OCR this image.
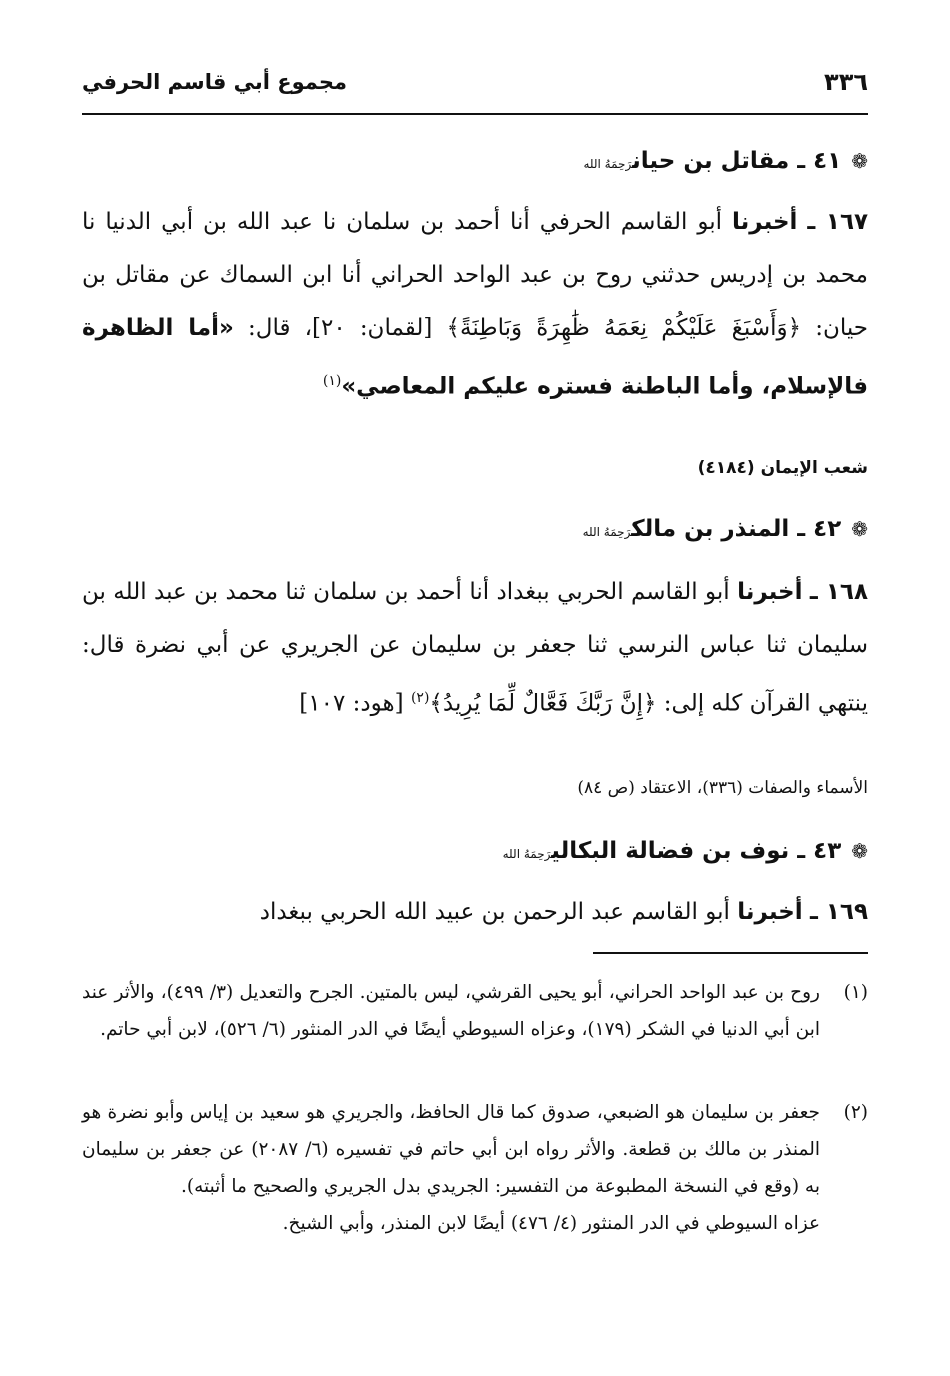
٣٣٦
مجموع أبي قاسم الحرفي
❁٤١ ـ مقاتل بن حيانرَحِمَهُ الله
١٦٧ ـ أخبرنا أبو القاسم الحرفي أنا أحمد بن سلمان نا عبد الله بن أبي الدنيا نا محمد بن إدريس حدثني روح بن عبد الواحد الحراني أنا ابن السماك عن مقاتل بن حيان: ﴿وَأَسْبَغَ عَلَيْكُمْ نِعَمَهُ ظَٰهِرَةً وَبَاطِنَةً﴾ [لقمان: ٢٠]، قال: «أما الظاهرة فالإسلام، وأما الباطنة فستره عليكم المعاصي»$^{(١)}$
شعب الإيمان (٤١٨٤)
❁٤٢ ـ المنذر بن مالكرَحِمَهُ الله
١٦٨ ـ أخبرنا أبو القاسم الحربي ببغداد أنا أحمد بن سلمان ثنا محمد بن عبد الله بن سليمان ثنا عباس النرسي ثنا جعفر بن سليمان عن الجريري عن أبي نضرة قال: ينتهي القرآن كله إلى: ﴿إِنَّ رَبَّكَ فَعَّالٌ لِّمَا يُرِيدُ﴾$^{(٢)}$ [هود: ١٠٧]
الأسماء والصفات (٣٣٦)، الاعتقاد (ص ٨٤)
❁٤٣ ـ نوف بن فضالة البكاليرَحِمَهُ الله
١٦٩ ـ أخبرنا أبو القاسم عبد الرحمن بن عبيد الله الحربي ببغداد
(١)
روح بن عبد الواحد الحراني، أبو يحيى القرشي، ليس بالمتين. الجرح والتعديل (٣/ ٤٩٩)، والأثر عند ابن أبي الدنيا في الشكر (١٧٩)، وعزاه السيوطي أيضًا في الدر المنثور (٦/ ٥٢٦)، لابن أبي حاتم.
(٢)
جعفر بن سليمان هو الضبعي، صدوق كما قال الحافظ، والجريري هو سعيد بن إياس وأبو نضرة هو المنذر بن مالك بن قطعة. والأثر رواه ابن أبي حاتم في تفسيره (٦/ ٢٠٨٧) عن جعفر بن سليمان به (وقع في النسخة المطبوعة من التفسير: الجريدي بدل الجريري والصحيح ما أثبته).
عزاه السيوطي في الدر المنثور (٤/ ٤٧٦) أيضًا لابن المنذر، وأبي الشيخ.
